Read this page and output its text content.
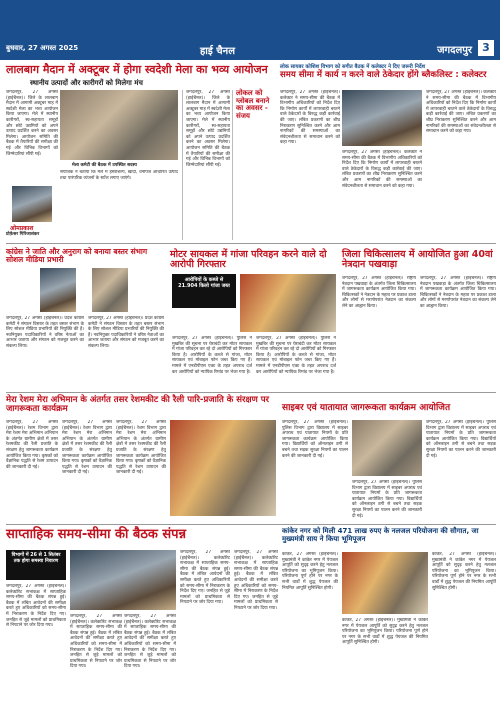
बुधवार, 27 अगस्त 2025	हाई चैनल	जगदलपुर 3
लालबाग मैदान में अक्टूबर में होगा स्वदेशी मेला का भव्य आयोजन
स्थानीय उत्पादों और कारीगरों को मिलेगा मंच
जगदलपुर, 27 अगस्त (हाईचैनल)। जिले के लालबाग मैदान में आगामी अक्टूबर माह में स्वदेशी मेला का भव्य आयोजन किया जाएगा। मेले में स्थानीय कारीगरों, स्व-सहायता समूहों और छोटे उद्यमियों को अपने उत्पाद प्रदर्शित करने का अवसर मिलेगा। आयोजन समिति की बैठक में तैयारियों की समीक्षा की गई और विभिन्न विभागों को जिम्मेदारियां सौंपी गईं।
मेला कमेटी की बैठक में उपस्थित सदस्य
संयोजक ने बताया कि मेले में हस्तशिल्प, खादी, वनोपज आधारित उत्पाद तथा पारंपरिक व्यंजनों के स्टॉल लगाए जाएंगे।
ओमप्रकाश
प्रोफ़ेसर गिरिजाशंकर
जगदलपुर, 27 अगस्त (हाईचैनल)। जिले के लालबाग मैदान में आगामी अक्टूबर माह में स्वदेशी मेला का भव्य आयोजन किया जाएगा। मेले में स्थानीय कारीगरों, स्व-सहायता समूहों और छोटे उद्यमियों को अपने उत्पाद प्रदर्शित करने का अवसर मिलेगा। आयोजन समिति की बैठक में तैयारियों की समीक्षा की गई और विभिन्न विभागों को जिम्मेदारियां सौंपी गईं।
लोकल को ग्लोबल बनाने का अवसर - संजय
लोक सायबर कोशिश विभाग को सगीत बैठक में कलेक्टर ने दिए जरूरी निर्देश
समय सीमा में कार्य न करने वाले ठेकेदार होंगे ब्लैकलिस्ट : कलेक्टर
जगदलपुर, 27 अगस्त (हाईचैनल)। कलेक्टर ने समय-सीमा की बैठक में विभागीय अधिकारियों को निर्देश दिए कि निर्माण कार्यों में लापरवाही बरतने वाले ठेकेदारों के विरुद्ध कड़ी कार्रवाई की जाए। लंबित प्रकरणों का शीघ्र निराकरण सुनिश्चित करने और आम नागरिकों की समस्याओं का संवेदनशीलता से समाधान करने को कहा गया।
जगदलपुर, 27 अगस्त (हाईचैनल)। कलेक्टर ने समय-सीमा की बैठक में विभागीय अधिकारियों को निर्देश दिए कि निर्माण कार्यों में लापरवाही बरतने वाले ठेकेदारों के विरुद्ध कड़ी कार्रवाई की जाए। लंबित प्रकरणों का शीघ्र निराकरण सुनिश्चित करने और आम नागरिकों की समस्याओं का संवेदनशीलता से समाधान करने को कहा गया।
जगदलपुर, 27 अगस्त (हाईचैनल)। कलेक्टर ने समय-सीमा की बैठक में विभागीय अधिकारियों को निर्देश दिए कि निर्माण कार्यों में लापरवाही बरतने वाले ठेकेदारों के विरुद्ध कड़ी कार्रवाई की जाए। लंबित प्रकरणों का शीघ्र निराकरण सुनिश्चित करने और आम नागरिकों की समस्याओं का संवेदनशीलता से समाधान करने को कहा गया।
कांग्रेस ने जाति और अनुराग को बनाया बस्तर संभाग सोशल मीडिया प्रभारी
जगदलपुर, 27 अगस्त (हाईचैनल)। प्रदेश कांग्रेस कमेटी ने संगठन विस्तार के तहत बस्तर संभाग के लिए सोशल मीडिया प्रभारियों की नियुक्ति की है। नवनियुक्त पदाधिकारियों ने वरिष्ठ नेताओं का आभार जताया और संगठन को मजबूत करने का संकल्प लिया।
जगदलपुर, 27 अगस्त (हाईचैनल)। प्रदेश कांग्रेस कमेटी ने संगठन विस्तार के तहत बस्तर संभाग के लिए सोशल मीडिया प्रभारियों की नियुक्ति की है। नवनियुक्त पदाधिकारियों ने वरिष्ठ नेताओं का आभार जताया और संगठन को मजबूत करने का संकल्प लिया।
मोटर सायकल में गांजा परिवहन करने वाले दो आरोपी गिरफ्तार
आरोपियों के कब्जे से 21.904 किलो गांजा जब्त
जगदलपुर, 27 अगस्त (हाईचैनल)। पुलिस ने मुखबिर की सूचना पर घेराबंदी कर मोटर सायकल में गांजा परिवहन कर रहे दो आरोपियों को गिरफ्तार किया है। आरोपियों के कब्जे से गांजा, मोटर सायकल एवं मोबाइल फोन जब्त किए गए हैं। मामले में एनडीपीएस एक्ट के तहत अपराध दर्ज कर आरोपियों को न्यायिक रिमांड पर भेजा गया है।
जगदलपुर, 27 अगस्त (हाईचैनल)। पुलिस ने मुखबिर की सूचना पर घेराबंदी कर मोटर सायकल में गांजा परिवहन कर रहे दो आरोपियों को गिरफ्तार किया है। आरोपियों के कब्जे से गांजा, मोटर सायकल एवं मोबाइल फोन जब्त किए गए हैं। मामले में एनडीपीएस एक्ट के तहत अपराध दर्ज कर आरोपियों को न्यायिक रिमांड पर भेजा गया है।
जिला चिकित्सालय में आयोजित हुआ 40वां नेत्रदान पखवाड़ा
जगदलपुर, 27 अगस्त (हाईचैनल)। राष्ट्रीय नेत्रदान पखवाड़ा के अंतर्गत जिला चिकित्सालय में जागरूकता कार्यक्रम आयोजित किया गया। चिकित्सकों ने नेत्रदान के महत्व पर प्रकाश डाला और लोगों से मरणोपरांत नेत्रदान का संकल्प लेने का आह्वान किया।
जगदलपुर, 27 अगस्त (हाईचैनल)। राष्ट्रीय नेत्रदान पखवाड़ा के अंतर्गत जिला चिकित्सालय में जागरूकता कार्यक्रम आयोजित किया गया। चिकित्सकों ने नेत्रदान के महत्व पर प्रकाश डाला और लोगों से मरणोपरांत नेत्रदान का संकल्प लेने का आह्वान किया।
मेरा रेशम मेरा अभिमान के अंतर्गत तसर रेशमकीट की रैली पारि-प्रजाति के संरक्षण पर जागरूकता कार्यक्रम
जगदलपुर, 27 अगस्त (हाईचैनल)। रेशम विभाग द्वारा मेरा रेशम मेरा अभिमान अभियान के अंतर्गत ग्रामीण क्षेत्रों में तसर रेशमकीट की रैली प्रजाति के संरक्षण हेतु जागरूकता कार्यक्रम आयोजित किया गया। कृषकों को वैज्ञानिक पद्धति से रेशम उत्पादन की जानकारी दी गई।
जगदलपुर, 27 अगस्त (हाईचैनल)। रेशम विभाग द्वारा मेरा रेशम मेरा अभिमान अभियान के अंतर्गत ग्रामीण क्षेत्रों में तसर रेशमकीट की रैली प्रजाति के संरक्षण हेतु जागरूकता कार्यक्रम आयोजित किया गया। कृषकों को वैज्ञानिक पद्धति से रेशम उत्पादन की जानकारी दी गई।
जगदलपुर, 27 अगस्त (हाईचैनल)। रेशम विभाग द्वारा मेरा रेशम मेरा अभिमान अभियान के अंतर्गत ग्रामीण क्षेत्रों में तसर रेशमकीट की रैली प्रजाति के संरक्षण हेतु जागरूकता कार्यक्रम आयोजित किया गया। कृषकों को वैज्ञानिक पद्धति से रेशम उत्पादन की जानकारी दी गई।
साइबर एवं यातायात जागरूकता कार्यक्रम आयोजित
जगदलपुर, 27 अगस्त (हाईचैनल)। पुलिस विभाग द्वारा विद्यालय में साइबर अपराध एवं यातायात नियमों के प्रति जागरूकता कार्यक्रम आयोजित किया गया। विद्यार्थियों को ऑनलाइन ठगी से बचने तथा सड़क सुरक्षा नियमों का पालन करने की जानकारी दी गई।
जगदलपुर, 27 अगस्त (हाईचैनल)। पुलिस विभाग द्वारा विद्यालय में साइबर अपराध एवं यातायात नियमों के प्रति जागरूकता कार्यक्रम आयोजित किया गया। विद्यार्थियों को ऑनलाइन ठगी से बचने तथा सड़क सुरक्षा नियमों का पालन करने की जानकारी दी गई।
जगदलपुर, 27 अगस्त (हाईचैनल)। पुलिस विभाग द्वारा विद्यालय में साइबर अपराध एवं यातायात नियमों के प्रति जागरूकता कार्यक्रम आयोजित किया गया। विद्यार्थियों को ऑनलाइन ठगी से बचने तथा सड़क सुरक्षा नियमों का पालन करने की जानकारी दी गई।
साप्ताहिक समय-सीमा की बैठक संपन्न
विभागों में 26 से 1 सितंबर तक होगा समस्या निवारण
जगदलपुर, 27 अगस्त (हाईचैनल)। कलेक्टोरेट सभाकक्ष में साप्ताहिक समय-सीमा की बैठक संपन्न हुई। बैठक में लंबित आवेदनों की समीक्षा करते हुए अधिकारियों को समय-सीमा में निराकरण के निर्देश दिए गए। जनहित से जुड़े मामलों को प्राथमिकता से निपटाने पर जोर दिया गया।
जगदलपुर, 27 अगस्त (हाईचैनल)। कलेक्टोरेट सभाकक्ष में साप्ताहिक समय-सीमा की बैठक संपन्न हुई। बैठक में लंबित आवेदनों की समीक्षा करते हुए अधिकारियों को समय-सीमा में निराकरण के निर्देश दिए गए। जनहित से जुड़े मामलों को प्राथमिकता से निपटाने पर जोर दिया गया।
जगदलपुर, 27 अगस्त (हाईचैनल)। कलेक्टोरेट सभाकक्ष में साप्ताहिक समय-सीमा की बैठक संपन्न हुई। बैठक में लंबित आवेदनों की समीक्षा करते हुए अधिकारियों को समय-सीमा में निराकरण के निर्देश दिए गए। जनहित से जुड़े मामलों को प्राथमिकता से निपटाने पर जोर दिया गया।
जगदलपुर, 27 अगस्त (हाईचैनल)। कलेक्टोरेट सभाकक्ष में साप्ताहिक समय-सीमा की बैठक संपन्न हुई। बैठक में लंबित आवेदनों की समीक्षा करते हुए अधिकारियों को समय-सीमा में निराकरण के निर्देश दिए गए। जनहित से जुड़े मामलों को प्राथमिकता से निपटाने पर जोर दिया गया।
जगदलपुर, 27 अगस्त (हाईचैनल)। कलेक्टोरेट सभाकक्ष में साप्ताहिक समय-सीमा की बैठक संपन्न हुई। बैठक में लंबित आवेदनों की समीक्षा करते हुए अधिकारियों को समय-सीमा में निराकरण के निर्देश दिए गए। जनहित से जुड़े मामलों को प्राथमिकता से निपटाने पर जोर दिया गया।
कांकेर नगर को मिली 471 लाख रुपए के नलजल परियोजना की सौगात, जा मुख्यमंत्री साय ने किया भूमिपूजन
कांकेर, 27 अगस्त (हाईचैनल)। मुख्यमंत्री ने कांकेर नगर में पेयजल आपूर्ति को सुदृढ़ करने हेतु नलजल परियोजना का भूमिपूजन किया। परियोजना पूर्ण होने पर नगर के सभी वार्डों में शुद्ध पेयजल की नियमित आपूर्ति सुनिश्चित होगी।
कांकेर, 27 अगस्त (हाईचैनल)। मुख्यमंत्री ने कांकेर नगर में पेयजल आपूर्ति को सुदृढ़ करने हेतु नलजल परियोजना का भूमिपूजन किया। परियोजना पूर्ण होने पर नगर के सभी वार्डों में शुद्ध पेयजल की नियमित आपूर्ति सुनिश्चित होगी।
कांकेर, 27 अगस्त (हाईचैनल)। मुख्यमंत्री ने कांकेर नगर में पेयजल आपूर्ति को सुदृढ़ करने हेतु नलजल परियोजना का भूमिपूजन किया। परियोजना पूर्ण होने पर नगर के सभी वार्डों में शुद्ध पेयजल की नियमित आपूर्ति सुनिश्चित होगी।
